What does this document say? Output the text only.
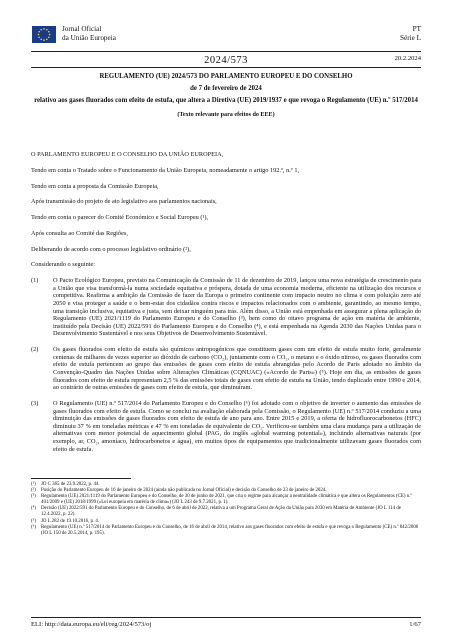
Jornal Oficial
da União Europeia
PT
Série L
2024/573	20.2.2024
REGULAMENTO (UE) 2024/573 DO PARLAMENTO EUROPEU E DO CONSELHO
de 7 de fevereiro de 2024
relativo aos gases fluorados com efeito de estufa, que altera a Diretiva (UE) 2019/1937 e que revoga o Regulamento (UE) n.º 517/2014
(Texto relevante para efeitos do EEE)

O PARLAMENTO EUROPEU E O CONSELHO DA UNIÃO EUROPEIA,

Tendo em conta o Tratado sobre o Funcionamento da União Europeia, nomeadamente o artigo 192.º, n.º 1,

Tendo em conta a proposta da Comissão Europeia,

Após transmissão do projeto de ato legislativo aos parlamentos nacionais,

Tendo em conta o parecer do Comité Económico e Social Europeu (¹),

Após consulta ao Comité das Regiões,

Deliberando de acordo com o processo legislativo ordinário (²),

Considerando o seguinte:

(1)	O Pacto Ecológico Europeu, previsto na Comunicação da Comissão de 11 de dezembro de 2019, lançou uma nova estratégia de crescimento para a União que visa transformá-la numa sociedade equitativa e próspera, dotada de uma economia moderna, eficiente na utilização dos recursos e competitiva. Reafirma a ambição da Comissão de fazer da Europa o primeiro continente com impacto neutro no clima e com poluição zero até 2050 e visa proteger a saúde e o bem-estar dos cidadãos contra riscos e impactos relacionados com o ambiente, garantindo, ao mesmo tempo, uma transição inclusiva, equitativa e justa, sem deixar ninguém para trás. Além disso, a União está empenhada em assegurar a plena aplicação do Regulamento (UE) 2021/1119 do Parlamento Europeu e do Conselho (³), bem como do oitavo programa de ação em matéria de ambiente, instituído pela Decisão (UE) 2022/591 do Parlamento Europeu e do Conselho (⁴), e está empenhada na Agenda 2030 das Nações Unidas para o Desenvolvimento Sustentável e nos seus Objetivos de Desenvolvimento Sustentável.
(2)	Os gases fluorados com efeito de estufa são químicos antropogénicos que constituem gases com um efeito de estufa muito forte, geralmente centenas de milhares de vezes superior ao dióxido de carbono (CO₂), juntamente com o CO₂, o metano e o óxido nitroso, os gases fluorados com efeito de estufa pertencem ao grupo das emissões de gases com efeito de estufa abrangidas pelo Acordo de Paris adotado no âmbito da Convenção-Quadro das Nações Unidas sobre Alterações Climáticas (CQNUAC) («Acordo de Paris») (⁵). Hoje em dia, as emissões de gases fluorados com efeito de estufa representam 2,5 % das emissões totais de gases com efeito de estufa na União, tendo duplicado entre 1990 e 2014, ao contrário de outras emissões de gases com efeito de estufa, que diminuíram.
(3)	O Regulamento (UE) n.º 517/2014 do Parlamento Europeu e do Conselho (⁶) foi adotado com o objetivo de inverter o aumento das emissões de gases fluorados com efeito de estufa. Como se conclui na avaliação elaborada pela Comissão, o Regulamento (UE) n.º 517/2014 conduziu a uma diminuição das emissões de gases fluorados com efeito de estufa de ano para ano. Entre 2015 e 2019, a oferta de hidrofluorocarbonetos (HFC) diminuiu 37 % em toneladas métricas e 47 % em toneladas de equivalente de CO₂. Verificou-se também uma clara mudança para a utilização de alternativas com menor potencial de aquecimento global (PAG, do inglês «global warming potential»), incluindo alternativas naturais (por exemplo, ar, CO₂, amoníaco, hidrocarbonetos e água), em muitos tipos de equipamentos que tradicionalmente utilizavam gases fluorados com efeito de estufa.
(¹)	JO C 365 de 23.9.2022, p. 44.
(²)	Posição do Parlamento Europeu de 16 de janeiro de 2024 (ainda não publicada no Jornal Oficial) e decisão do Conselho de 23 de janeiro de 2024.
(³)	Regulamento (UE) 2021/1119 do Parlamento Europeu e do Conselho, de 30 de junho de 2021, que cria o regime para alcançar a neutralidade climática e que altera os Regulamentos (CE) n.º 401/2009 e (UE) 2018/1999 («Lei europeia em matéria de clima») (JO L 243 de 9.7.2021, p. 1).
(⁴)	Decisão (UE) 2022/591 do Parlamento Europeu e do Conselho, de 6 de abril de 2022, relativa a um Programa Geral de Ação da União para 2030 em Matéria de Ambiente (JO L 114 de 12.4.2022, p. 22).
(⁵)	JO L 282 de 19.10.2016, p. 4.
(⁶)	Regulamento (UE) n.º 517/2014 do Parlamento Europeu e do Conselho, de 16 de abril de 2014, relativo aos gases fluorados com efeito de estufa e que revoga o Regulamento (CE) n.º 842/2006 (JO L 150 de 20.5.2014, p. 195).
ELI: http://data.europa.eu/eli/reg/2024/573/oj	1/67
